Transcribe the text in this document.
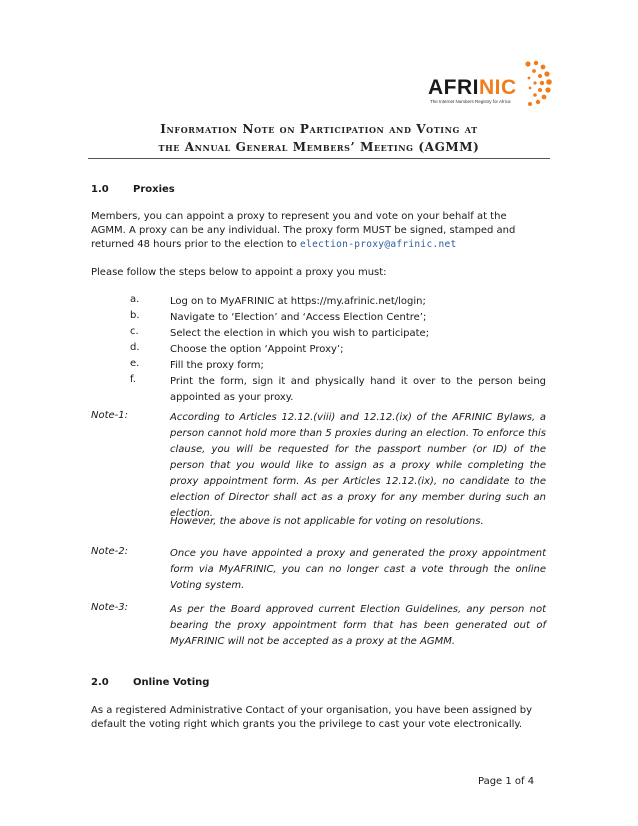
AFRINIC
The Internet Numbers Registry for Africa
Information Note on Participation and Voting at
the Annual General Members’ Meeting (AGMM)
1.0 Proxies
Members, you can appoint a proxy to represent you and vote on your behalf at the
AGMM. A proxy can be any individual. The proxy form MUST be signed, stamped and
returned 48 hours prior to the election to election-proxy@afrinic.net
Please follow the steps below to appoint a proxy you must:
a.	Log on to MyAFRINIC at https://my.afrinic.net/login;
b.	Navigate to ‘Election’ and ‘Access Election Centre’;
c.	Select the election in which you wish to participate;
d.	Choose the option ‘Appoint Proxy’;
e.	Fill the proxy form;
f.	Print the form, sign it and physically hand it over to the person being appointed as your proxy.
Note-1:	According to Articles 12.12.(viii) and 12.12.(ix) of the AFRINIC Bylaws, a person cannot hold more than 5 proxies during an election. To enforce this clause, you will be requested for the passport number (or ID) of the person that you would like to assign as a proxy while completing the proxy appointment form. As per Articles 12.12.(ix), no candidate to the election of Director shall act as a proxy for any member during such an election.
However, the above is not applicable for voting on resolutions.
Note-2:	Once you have appointed a proxy and generated the proxy appointment form via MyAFRINIC, you can no longer cast a vote through the online Voting system.
Note-3:	As per the Board approved current Election Guidelines, any person not bearing the proxy appointment form that has been generated out of MyAFRINIC will not be accepted as a proxy at the AGMM.
2.0 Online Voting
As a registered Administrative Contact of your organisation, you have been assigned by
default the voting right which grants you the privilege to cast your vote electronically.
Page 1 of 4
